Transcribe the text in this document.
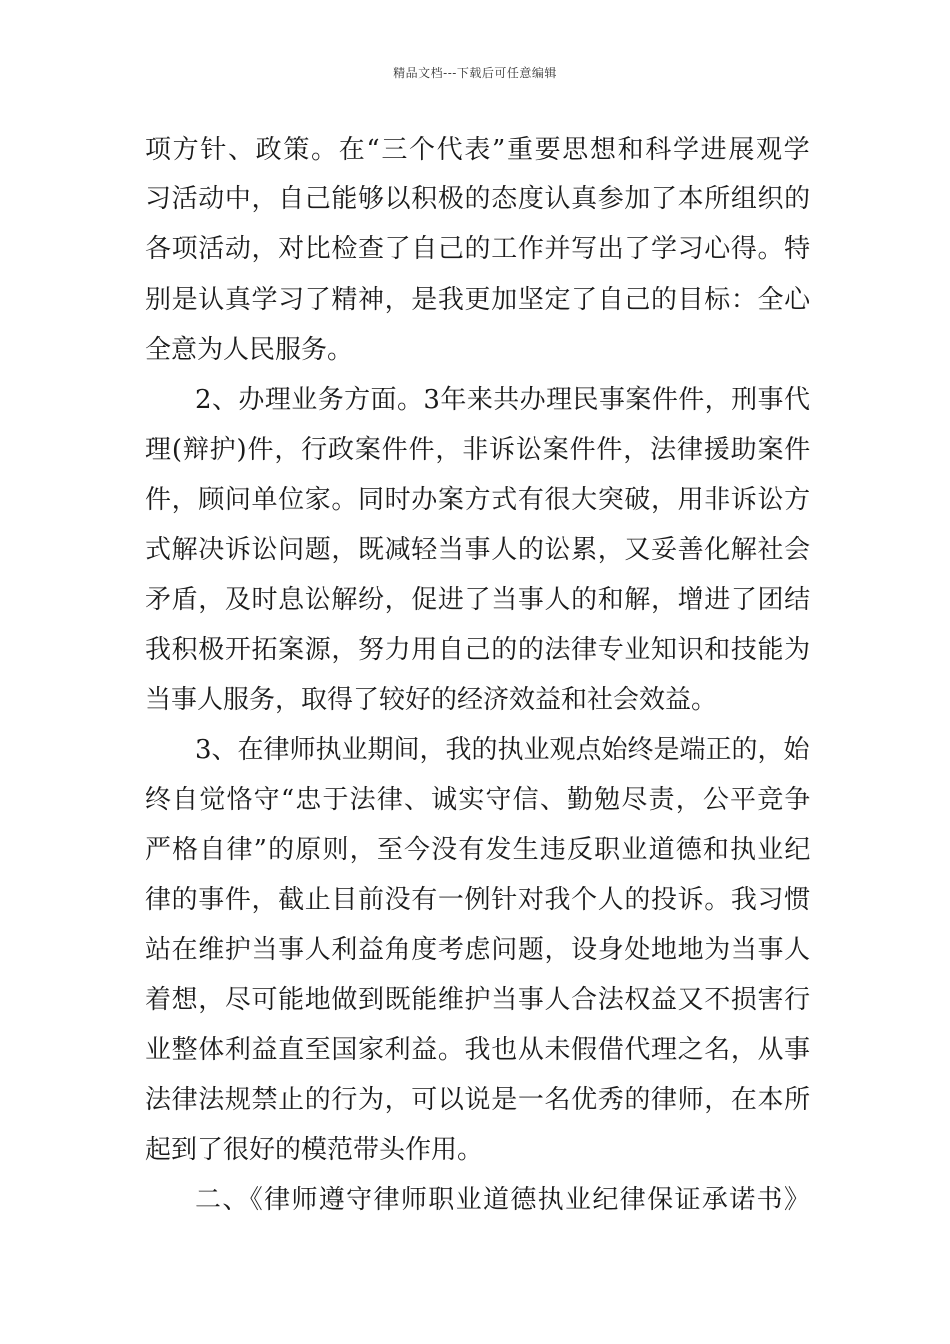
精品文档---下载后可任意编辑
项方针、政策。在“三个代表”重要思想和科学进展观学
习活动中，自己能够以积极的态度认真参加了本所组织的
各项活动，对比检查了自己的工作并写出了学习心得。特
别是认真学习了精神，是我更加坚定了自己的目标：全心
全意为人民服务。
2、办理业务方面。3年来共办理民事案件件，刑事代
理(辩护)件，行政案件件，非诉讼案件件，法律援助案件
件，顾问单位家。同时办案方式有很大突破，用非诉讼方
式解决诉讼问题，既减轻当事人的讼累，又妥善化解社会
矛盾，及时息讼解纷，促进了当事人的和解，增进了团结
我积极开拓案源，努力用自己的的法律专业知识和技能为
当事人服务，取得了较好的经济效益和社会效益。
3、在律师执业期间，我的执业观点始终是端正的，始
终自觉恪守“忠于法律、诚实守信、勤勉尽责，公平竞争
严格自律”的原则，至今没有发生违反职业道德和执业纪
律的事件，截止目前没有一例针对我个人的投诉。我习惯
站在维护当事人利益角度考虑问题，设身处地地为当事人
着想，尽可能地做到既能维护当事人合法权益又不损害行
业整体利益直至国家利益。我也从未假借代理之名，从事
法律法规禁止的行为，可以说是一名优秀的律师，在本所
起到了很好的模范带头作用。
二、《律师遵守律师职业道德执业纪律保证承诺书》
